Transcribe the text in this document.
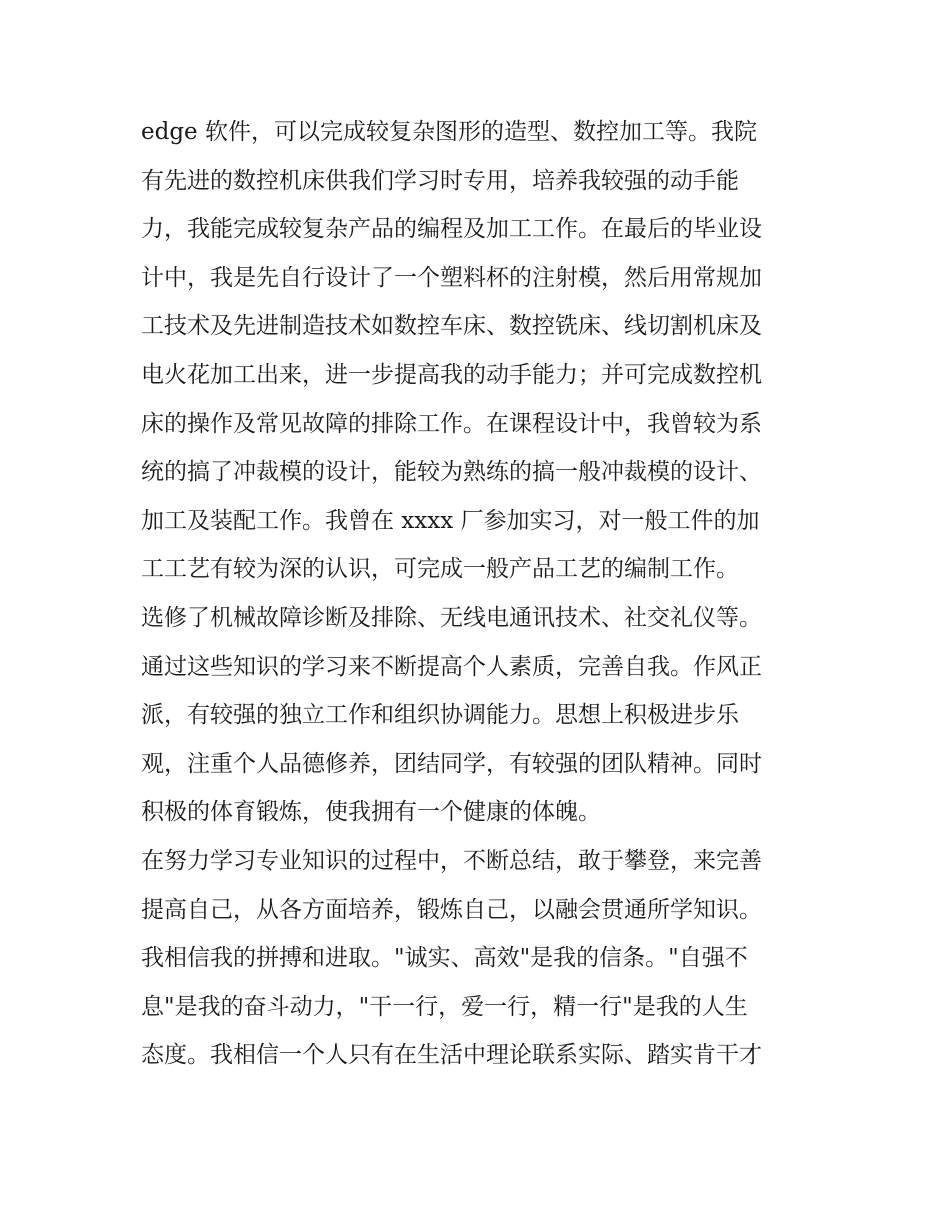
edge 软件，可以完成较复杂图形的造型、数控加工等。我院
有先进的数控机床供我们学习时专用，培养我较强的动手能
力，我能完成较复杂产品的编程及加工工作。在最后的毕业设
计中，我是先自行设计了一个塑料杯的注射模，然后用常规加
工技术及先进制造技术如数控车床、数控铣床、线切割机床及
电火花加工出来，进一步提高我的动手能力；并可完成数控机
床的操作及常见故障的排除工作。在课程设计中，我曾较为系
统的搞了冲裁模的设计，能较为熟练的搞一般冲裁模的设计、
加工及装配工作。我曾在 xxxx 厂参加实习，对一般工件的加
工工艺有较为深的认识，可完成一般产品工艺的编制工作。
选修了机械故障诊断及排除、无线电通讯技术、社交礼仪等。
通过这些知识的学习来不断提高个人素质，完善自我。作风正
派，有较强的独立工作和组织协调能力。思想上积极进步乐
观，注重个人品德修养，团结同学，有较强的团队精神。同时
积极的体育锻炼，使我拥有一个健康的体魄。
在努力学习专业知识的过程中，不断总结，敢于攀登，来完善
提高自己，从各方面培养，锻炼自己，以融会贯通所学知识。
我相信我的拼搏和进取。"诚实、高效"是我的信条。"自强不
息"是我的奋斗动力，"干一行，爱一行，精一行"是我的人生
态度。我相信一个人只有在生活中理论联系实际、踏实肯干才
